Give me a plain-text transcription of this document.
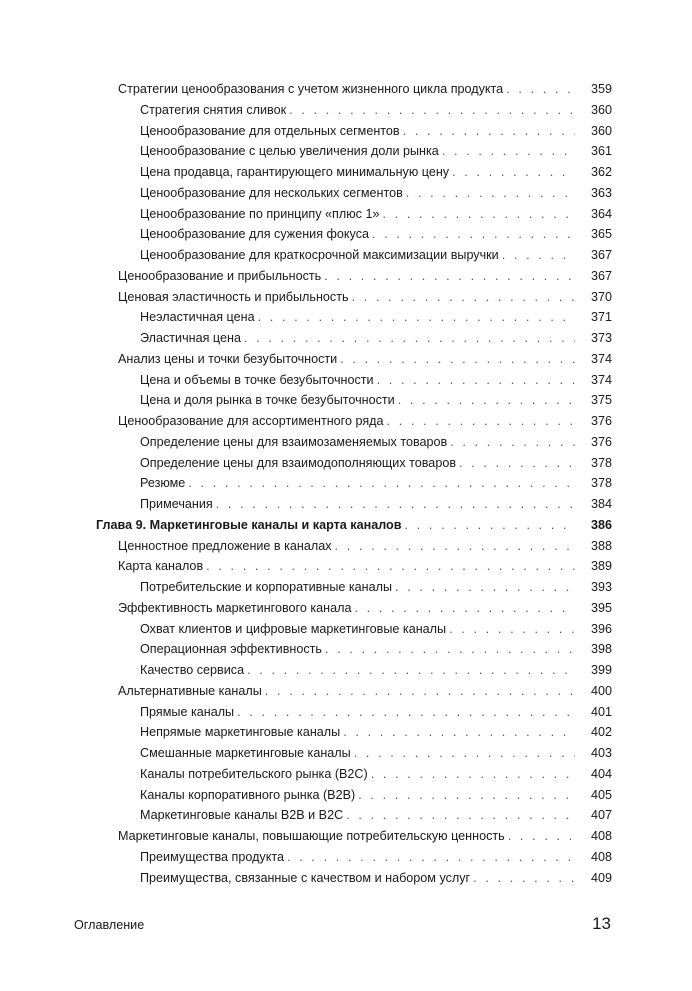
Стратегии ценообразования с учетом жизненного цикла продукта . . .	359
Стратегия снятия сливок . . .	360
Ценообразование для отдельных сегментов . . .	360
Ценообразование с целью увеличения доли рынка . . .	361
Цена продавца, гарантирующего минимальную цену . . .	362
Ценообразование для нескольких сегментов . . .	363
Ценообразование по принципу «плюс 1» . . .	364
Ценообразование для сужения фокуса . . .	365
Ценообразование для краткосрочной максимизации выручки . . .	367
Ценообразование и прибыльность . . .	367
Ценовая эластичность и прибыльность . . .	370
Неэластичная цена . . .	371
Эластичная цена . . .	373
Анализ цены и точки безубыточности . . .	374
Цена и объемы в точке безубыточности . . .	374
Цена и доля рынка в точке безубыточности . . .	375
Ценообразование для ассортиментного ряда . . .	376
Определение цены для взаимозаменяемых товаров . . .	376
Определение цены для взаимодополняющих товаров . . .	378
Резюме . . .	378
Примечания . . .	384
Глава 9. Маркетинговые каналы и карта каналов . . .	386
Ценностное предложение в каналах . . .	388
Карта каналов . . .	389
Потребительские и корпоративные каналы . . .	393
Эффективность маркетингового канала . . .	395
Охват клиентов и цифровые маркетинговые каналы . . .	396
Операционная эффективность . . .	398
Качество сервиса . . .	399
Альтернативные каналы . . .	400
Прямые каналы . . .	401
Непрямые маркетинговые каналы . . .	402
Смешанные маркетинговые каналы . . .	403
Каналы потребительского рынка (B2C) . . .	404
Каналы корпоративного рынка (B2B) . . .	405
Маркетинговые каналы B2B и B2C . . .	407
Маркетинговые каналы, повышающие потребительскую ценность . . .	408
Преимущества продукта . . .	408
Преимущества, связанные с качеством и набором услуг . . .	409
Оглавление	13
